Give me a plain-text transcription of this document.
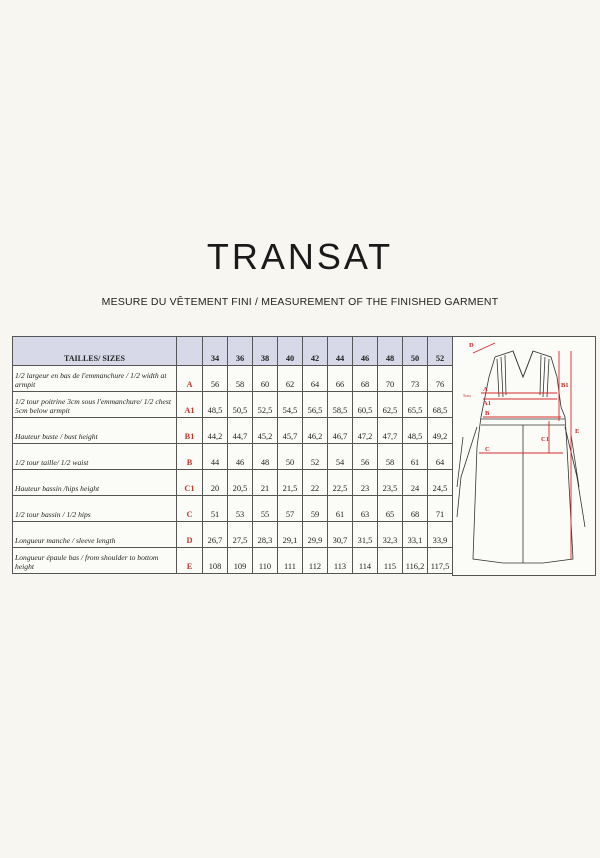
TRANSAT
MESURE DU VÊTEMENT FINI / MEASUREMENT OF THE FINISHED GARMENT
TAILLES/ SIZES		34	36	38	40	42	44	46	48	50	52
1/2 largeur en bas de l'emmanchure / 1/2 width at armpit	A	56	58	60	62	64	66	68	70	73	76
1/2 tour poitrine 3cm sous l'emmanchure/ 1/2 chest 5cm below armpit	A1	48,5	50,5	52,5	54,5	56,5	58,5	60,5	62,5	65,5	68,5
Hauteur buste / bust height	B1	44,2	44,7	45,2	45,7	46,2	46,7	47,2	47,7	48,5	49,2
1/2 tour taille/ 1/2 waist	B	44	46	48	50	52	54	56	58	61	64
Hauteur bassin /hips height	C1	20	20,5	21	21,5	22	22,5	23	23,5	24	24,5
1/2 tour bassin / 1/2 hips	C	51	53	55	57	59	61	63	65	68	71
Longueur manche / sleeve length	D	26,7	27,5	28,3	29,1	29,9	30,7	31,5	32,3	33,1	33,9
Longueur épaule bas / from shoulder to bottom height	E	108	109	110	111	112	113	114	115	116,2	117,5
D
A
A1
5cm
B
B1
C1
C
E
